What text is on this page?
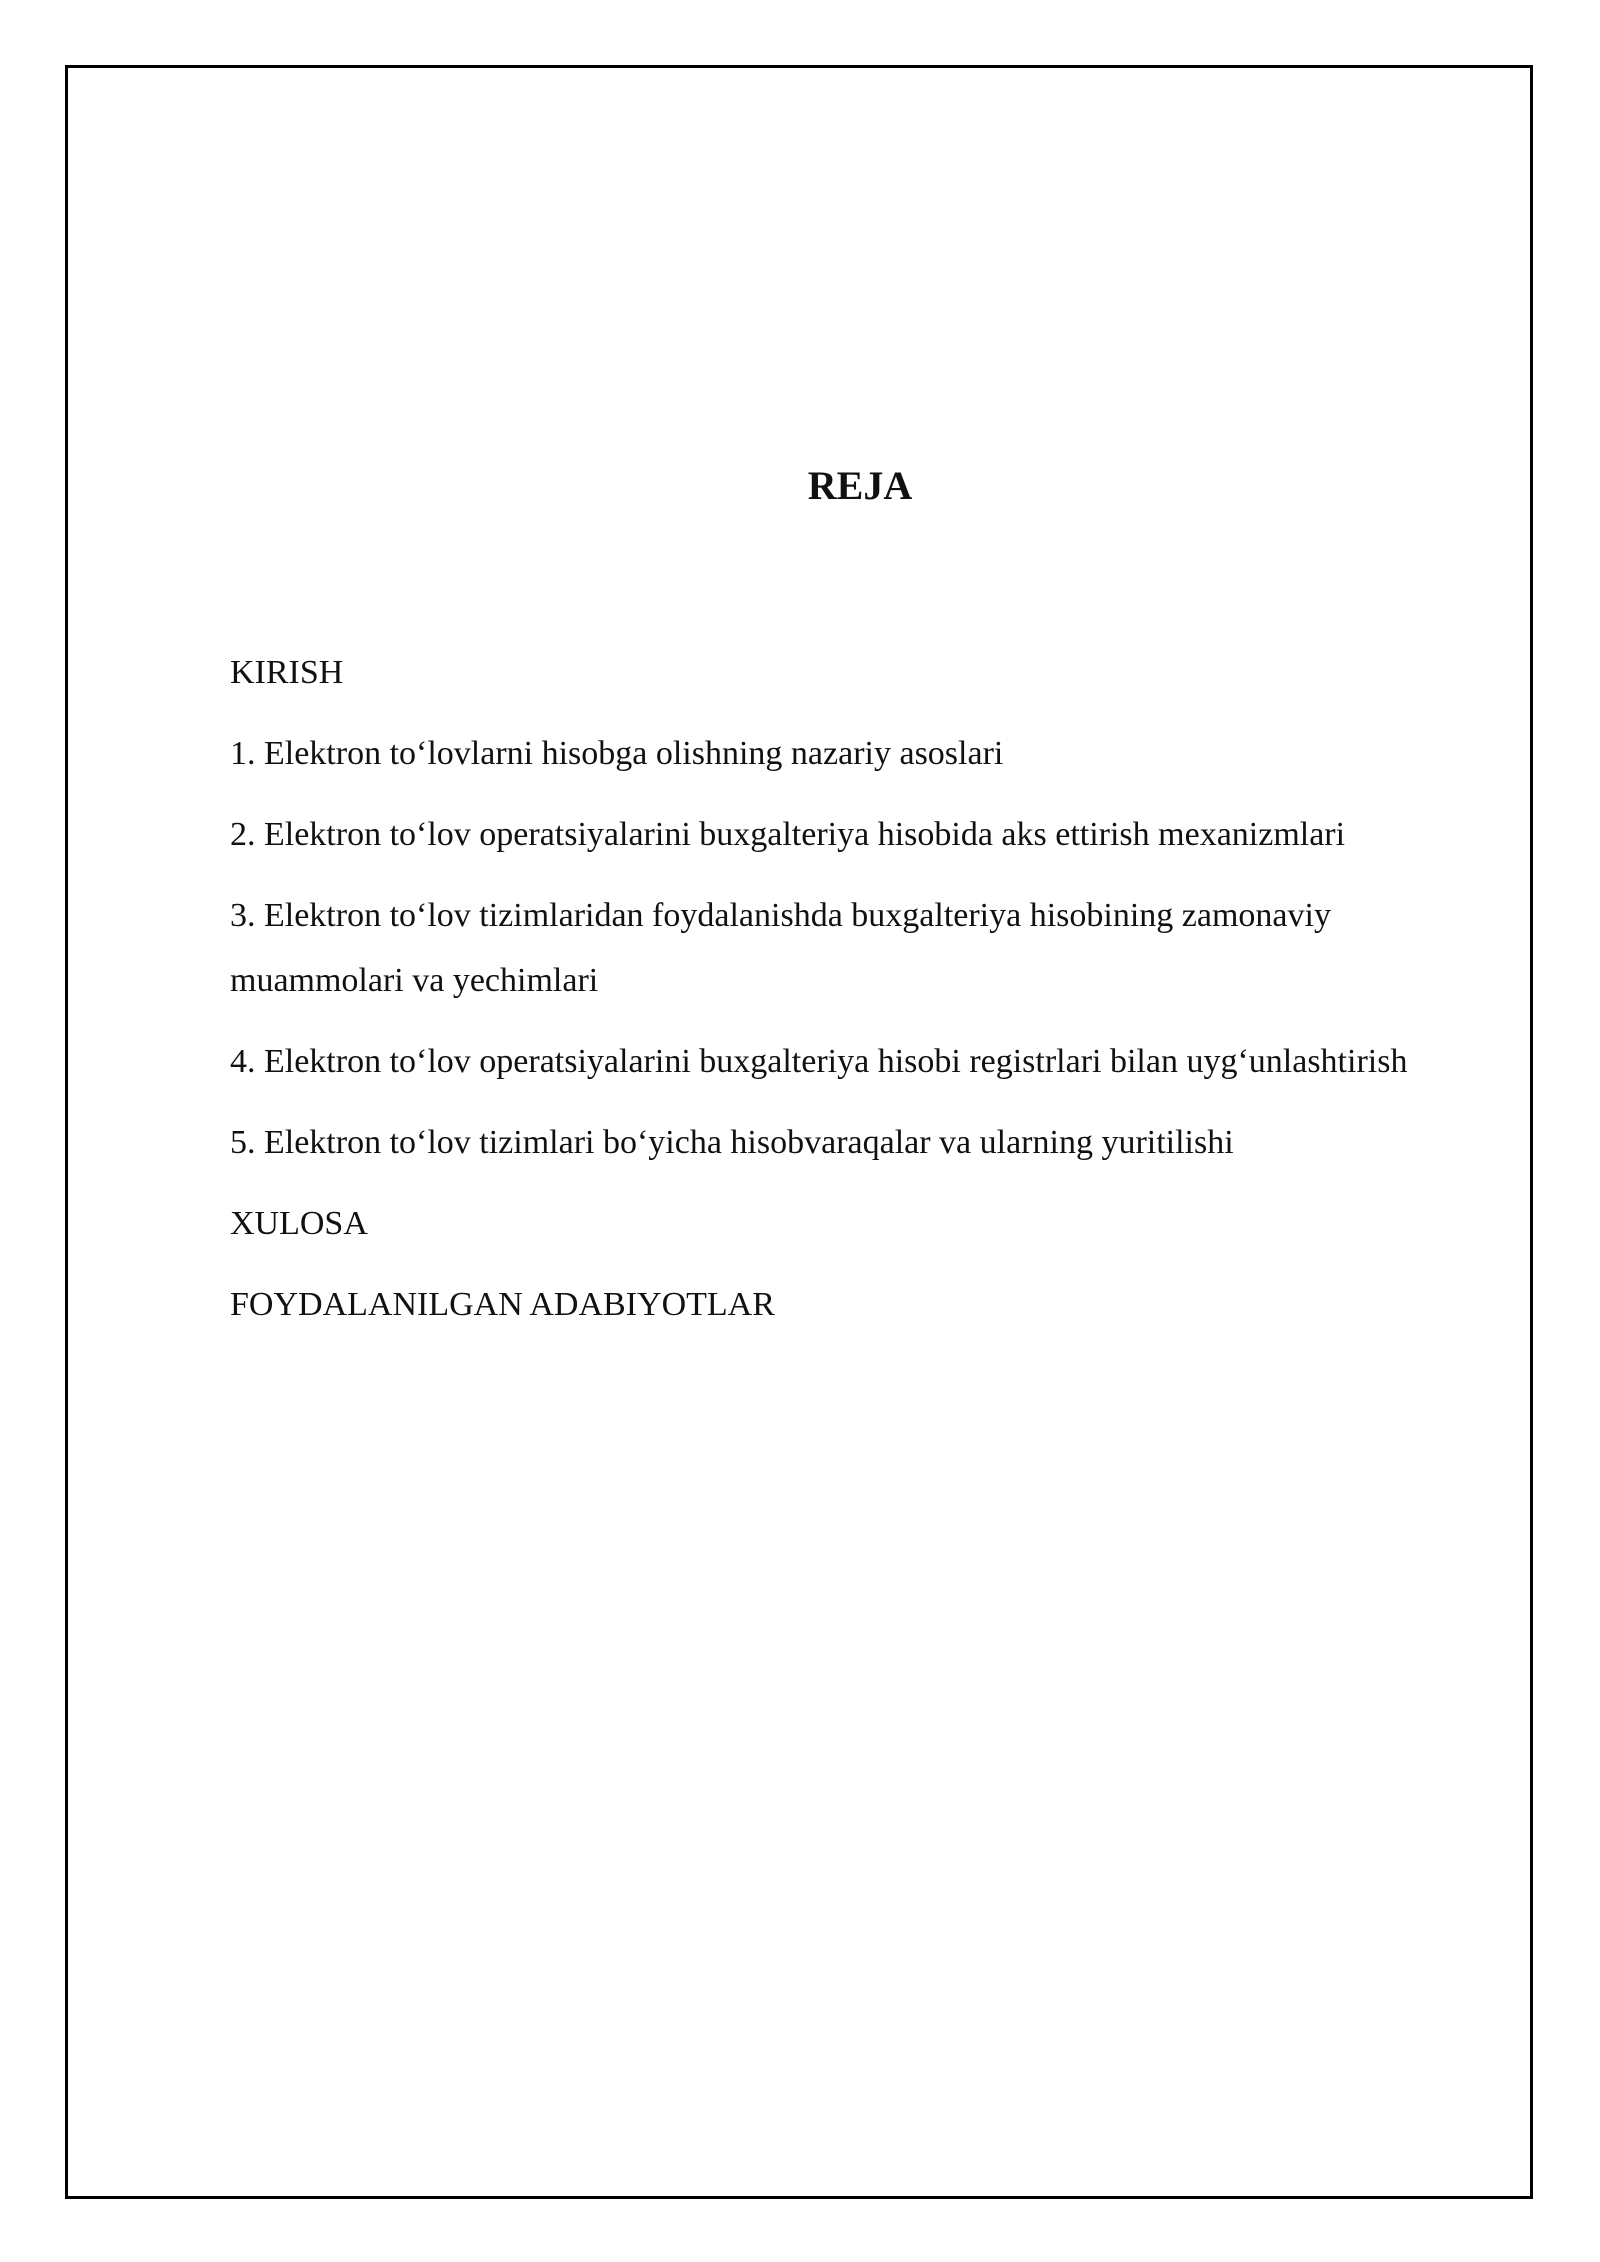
REJA
KIRISH
1. Elektron to‘lovlarni hisobga olishning nazariy asoslari
2. Elektron to‘lov operatsiyalarini buxgalteriya hisobida aks ettirish mexanizmlari
3. Elektron to‘lov tizimlaridan foydalanishda buxgalteriya hisobining zamonaviy muammolari va yechimlari
4. Elektron to‘lov operatsiyalarini buxgalteriya hisobi registrlari bilan uyg‘unlashtirish
5. Elektron to‘lov tizimlari bo‘yicha hisobvaraqalar va ularning yuritilishi
XULOSA
FOYDALANILGAN ADABIYOTLAR
